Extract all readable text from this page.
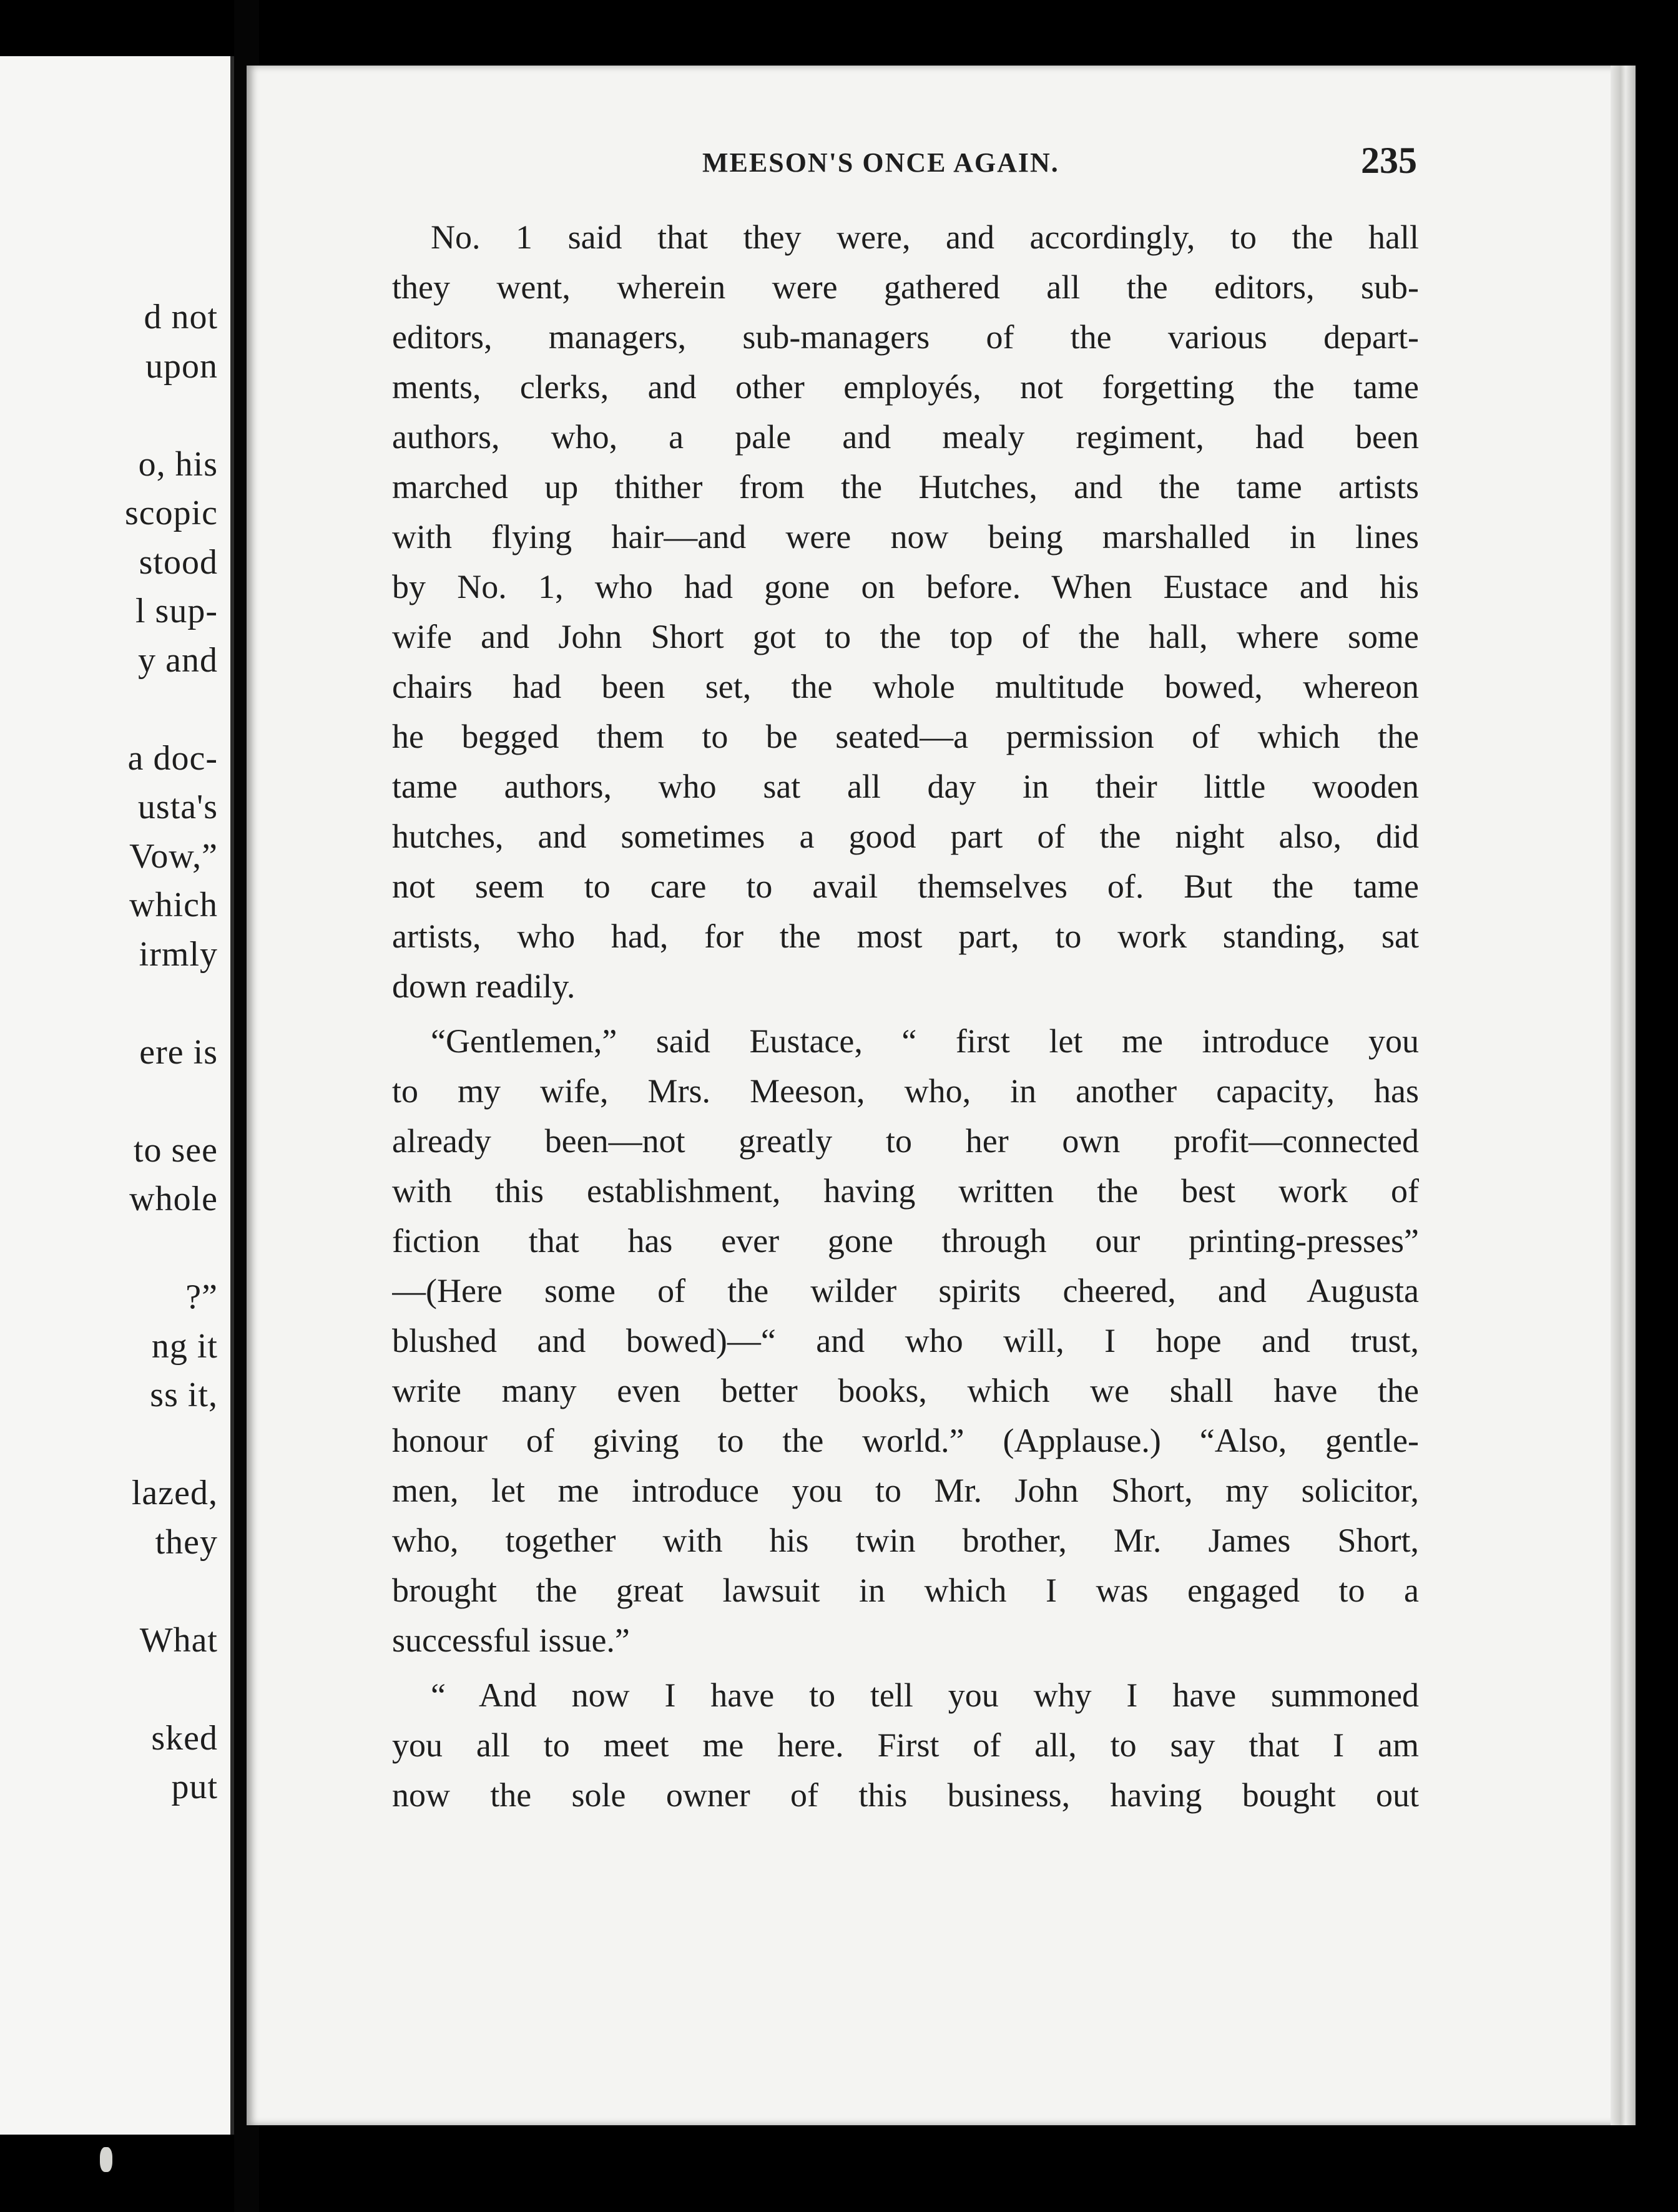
d not
upon
o, his
scopic
stood
l sup-
y and
a doc-
usta's
Vow,”
which
irmly
ere is
to see
whole
?”
ng it
ss it,
lazed,
they
What
sked
put
MEESON'S ONCE AGAIN.	235
No. 1 said that they were, and accordingly, to the hall
they went, wherein were gathered all the editors, sub-
editors, managers, sub-managers of the various depart-
ments, clerks, and other employés, not forgetting the tame
authors, who, a pale and mealy regiment, had been
marched up thither from the Hutches, and the tame artists
with flying hair—and were now being marshalled in lines
by No. 1, who had gone on before. When Eustace and his
wife and John Short got to the top of the hall, where some
chairs had been set, the whole multitude bowed, whereon
he begged them to be seated—a permission of which the
tame authors, who sat all day in their little wooden
hutches, and sometimes a good part of the night also, did
not seem to care to avail themselves of. But the tame
artists, who had, for the most part, to work standing, sat
down readily.
“Gentlemen,” said Eustace, “ first let me introduce you
to my wife, Mrs. Meeson, who, in another capacity, has
already been—not greatly to her own profit—connected
with this establishment, having written the best work of
fiction that has ever gone through our printing-presses”
—(Here some of the wilder spirits cheered, and Augusta
blushed and bowed)—“ and who will, I hope and trust,
write many even better books, which we shall have the
honour of giving to the world.” (Applause.) “Also, gentle-
men, let me introduce you to Mr. John Short, my solicitor,
who, together with his twin brother, Mr. James Short,
brought the great lawsuit in which I was engaged to a
successful issue.”
“ And now I have to tell you why I have summoned
you all to meet me here. First of all, to say that I am
now the sole owner of this business, having bought out
